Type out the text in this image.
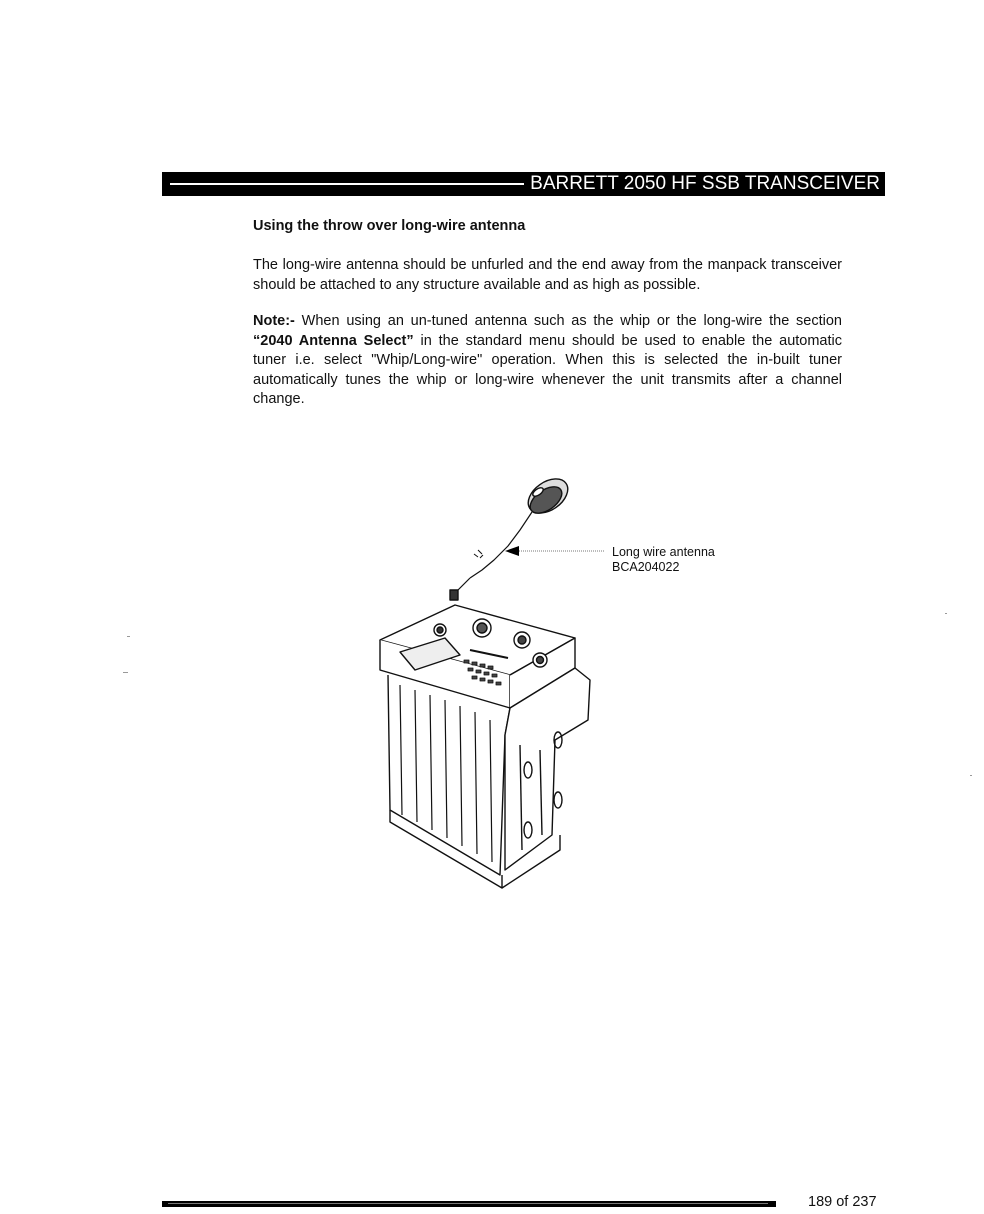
BARRETT 2050 HF SSB TRANSCEIVER
Using the throw over long-wire antenna

The long-wire antenna should be unfurled and the end away from the manpack transceiver should be attached to any structure available and as high as possible.

Note:- When using an un-tuned antenna such as the whip or the long-wire the section “2040 Antenna Select” in the standard menu should be used to enable the automatic tuner i.e. select "Whip/Long-wire" operation. When this is selected the in-built tuner automatically tunes the whip or long-wire whenever the unit transmits after a channel change.

Long wire antenna
BCA204022
189 of 237
